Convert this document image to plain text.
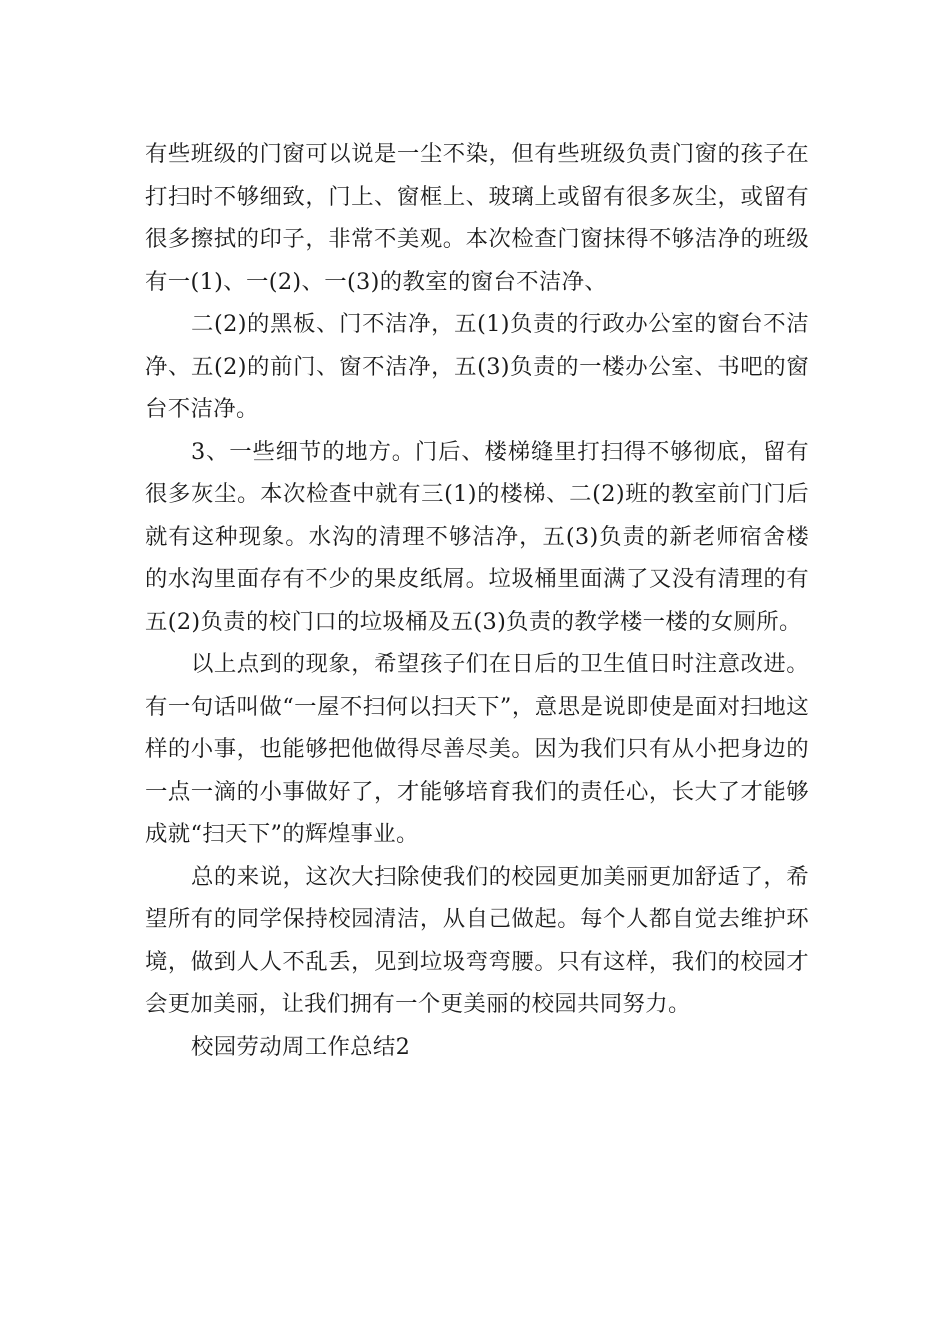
有些班级的门窗可以说是一尘不染，但有些班级负责门窗的孩子在打扫时不够细致，门上、窗框上、玻璃上或留有很多灰尘，或留有很多擦拭的印子，非常不美观。本次检查门窗抹得不够洁净的班级有一(1)、一(2)、一(3)的教室的窗台不洁净、

二(2)的黑板、门不洁净，五(1)负责的行政办公室的窗台不洁净、五(2)的前门、窗不洁净，五(3)负责的一楼办公室、书吧的窗台不洁净。

3、一些细节的地方。门后、楼梯缝里打扫得不够彻底，留有很多灰尘。本次检查中就有三(1)的楼梯、二(2)班的教室前门门后就有这种现象。水沟的清理不够洁净，五(3)负责的新老师宿舍楼的水沟里面存有不少的果皮纸屑。垃圾桶里面满了又没有清理的有五(2)负责的校门口的垃圾桶及五(3)负责的教学楼一楼的女厕所。

以上点到的现象，希望孩子们在日后的卫生值日时注意改进。有一句话叫做“一屋不扫何以扫天下”，意思是说即使是面对扫地这样的小事，也能够把他做得尽善尽美。因为我们只有从小把身边的一点一滴的小事做好了，才能够培育我们的责任心，长大了才能够成就“扫天下”的辉煌事业。

总的来说，这次大扫除使我们的校园更加美丽更加舒适了，希望所有的同学保持校园清洁，从自己做起。每个人都自觉去维护环境，做到人人不乱丢，见到垃圾弯弯腰。只有这样，我们的校园才会更加美丽，让我们拥有一个更美丽的校园共同努力。

校园劳动周工作总结2
